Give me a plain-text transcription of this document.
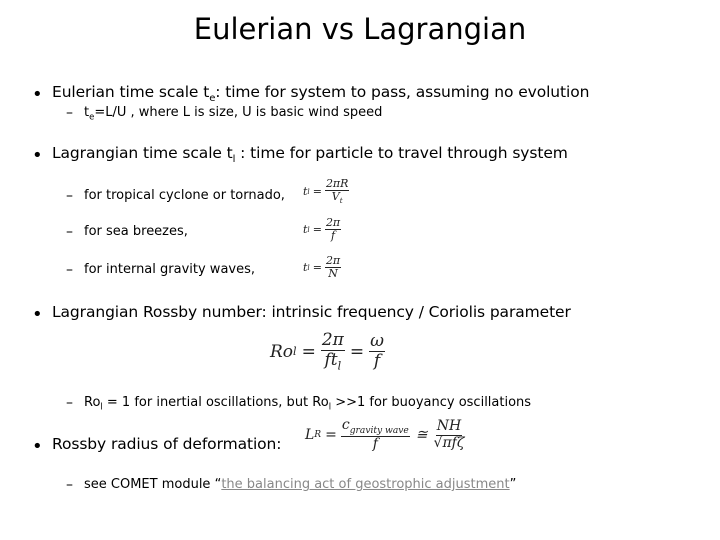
Eulerian vs Lagrangian
• Eulerian time scale $t_e$: time for system to pass, assuming no evolution
– $t_e=L/U$ , where L is size, U is basic wind speed
• Lagrangian time scale $t_l$ : time for particle to travel through system
– for tropical cyclone or tornado, t $l = \frac{2\pi R}{V_t}$
– for sea breezes,	t $l = \frac{2\pi}{f}$
– for internal gravity waves,	t $l = \frac{2\pi}{N}$
• Lagrangian Rossby number: intrinsic frequency / Coriolis parameter
Ro $l = \frac{2\pi}{ft_l} = \frac{\omega}{f}$
– $Ro_l = 1$ for inertial oscillations, but $Ro_l >>1$ for buoyancy oscillations
• Rossby radius of deformation: L $R = \frac{c_{gravity wave}}{f}$ ≅ $\frac{NH}{\text{√πfζ}}$
– see COMET module “the balancing act of geostrophic adjustment”
